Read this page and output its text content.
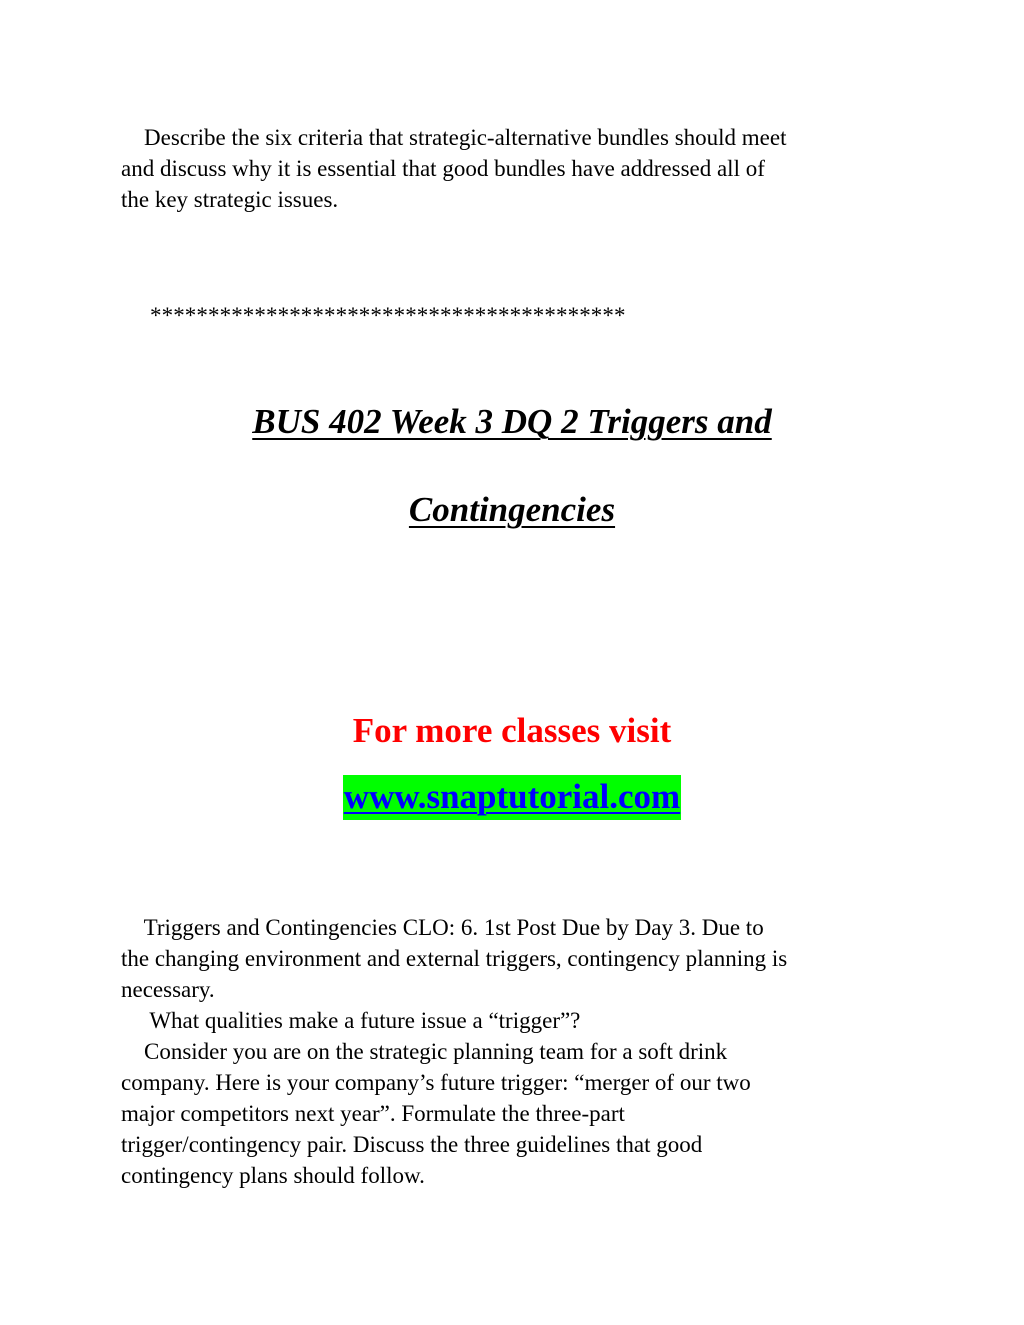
Describe the six criteria that strategic-alternative bundles should meet
and discuss why it is essential that good bundles have addressed all of
the key strategic issues.
*****************************************
BUS 402 Week 3 DQ 2 Triggers and
Contingencies
For more classes visit
www.snaptutorial.com
Triggers and Contingencies CLO: 6. 1st Post Due by Day 3. Due to
the changing environment and external triggers, contingency planning is
necessary.
What qualities make a future issue a “trigger”?
Consider you are on the strategic planning team for a soft drink
company. Here is your company’s future trigger: “merger of our two
major competitors next year”. Formulate the three-part
trigger/contingency pair. Discuss the three guidelines that good
contingency plans should follow.
